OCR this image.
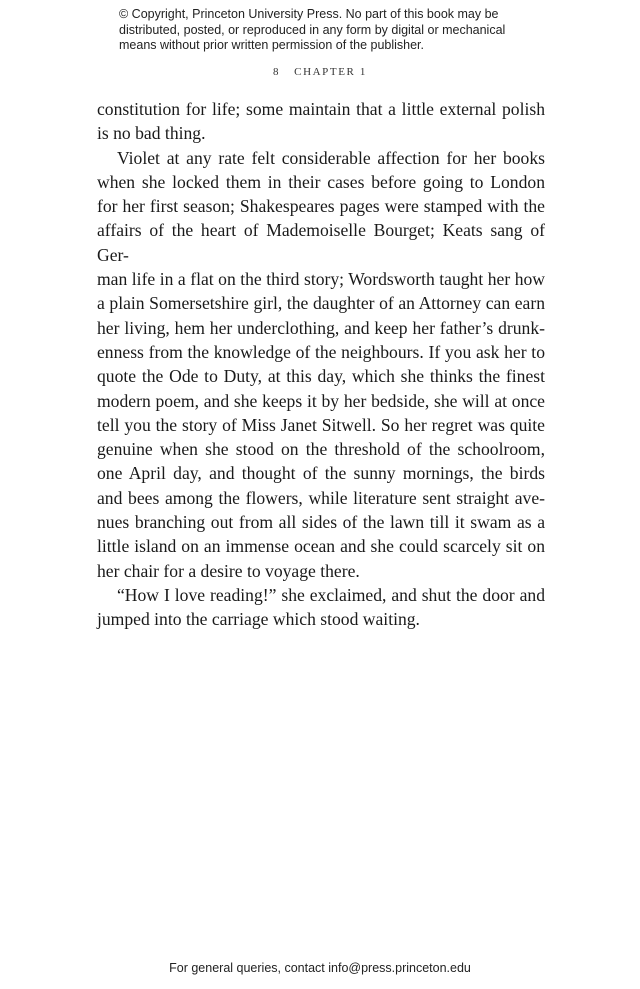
© Copyright, Princeton University Press. No part of this book may be
distributed, posted, or reproduced in any form by digital or mechanical
means without prior written permission of the publisher.
8 CHAPTER 1
constitution for life; some maintain that a little external polish
is no bad thing.
Violet at any rate felt considerable affection for her books
when she locked them in their cases before going to London
for her first season; Shakespeares pages were stamped with the
affairs of the heart of Mademoiselle Bourget; Keats sang of Ger-
man life in a flat on the third story; Wordsworth taught her how
a plain Somersetshire girl, the daughter of an Attorney can earn
her living, hem her underclothing, and keep her father’s drunk-
enness from the knowledge of the neighbours. If you ask her to
quote the Ode to Duty, at this day, which she thinks the finest
modern poem, and she keeps it by her bedside, she will at once
tell you the story of Miss Janet Sitwell. So her regret was quite
genuine when she stood on the threshold of the schoolroom,
one April day, and thought of the sunny mornings, the birds
and bees among the flowers, while literature sent straight ave-
nues branching out from all sides of the lawn till it swam as a
little island on an immense ocean and she could scarcely sit on
her chair for a desire to voyage there.
“How I love reading!” she exclaimed, and shut the door and
jumped into the carriage which stood waiting.
For general queries, contact info@press.princeton.edu
